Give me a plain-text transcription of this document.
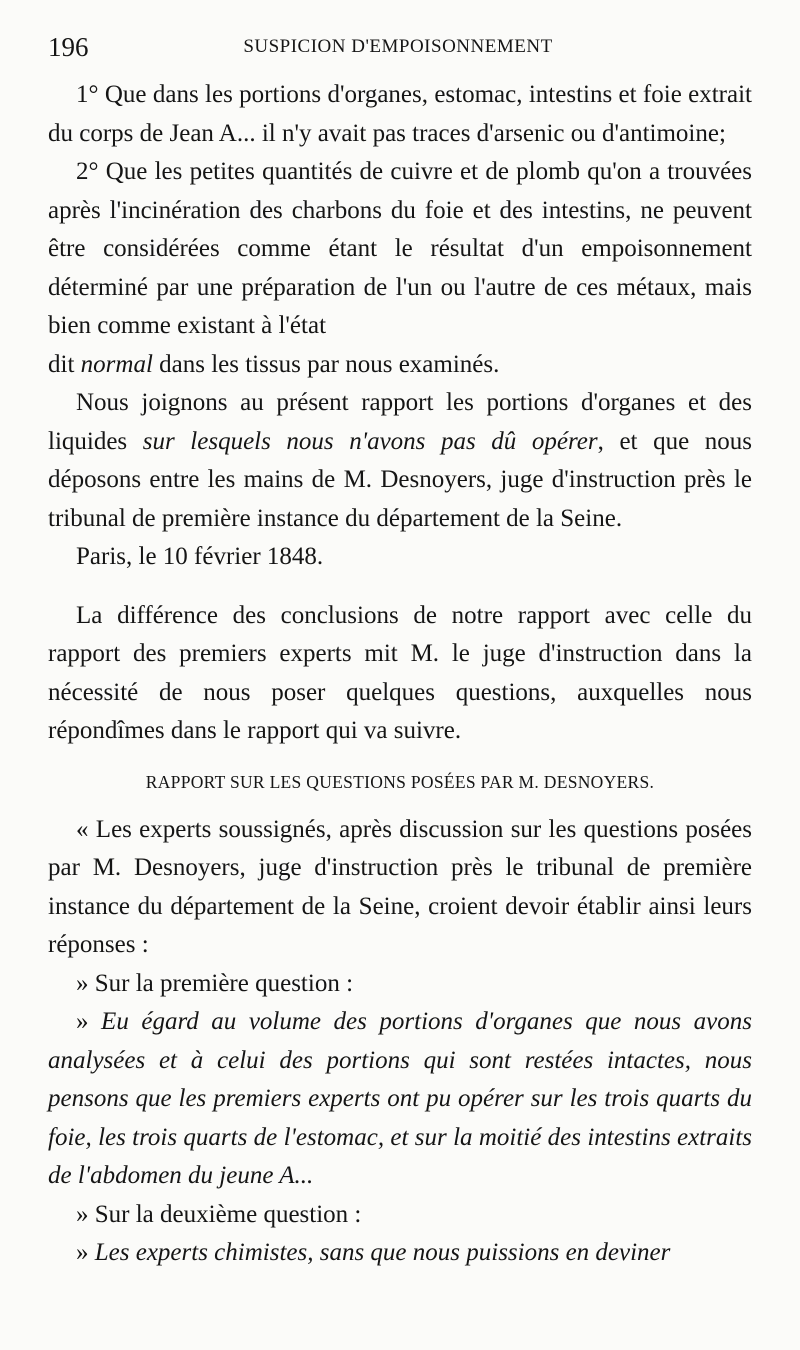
196	SUSPICION D'EMPOISONNEMENT

1° Que dans les portions d'organes, estomac, intestins et foie extrait du corps de Jean A... il n'y avait pas traces d'arsenic ou d'antimoine;

2° Que les petites quantités de cuivre et de plomb qu'on a trouvées après l'incinération des charbons du foie et des intestins, ne peuvent être considérées comme étant le résultat d'un empoisonnement déterminé par une préparation de l'un ou l'autre de ces métaux, mais bien comme existant à l'état

dit normal dans les tissus par nous examinés.

Nous joignons au présent rapport les portions d'organes et des liquides sur lesquels nous n'avons pas dû opérer, et que nous déposons entre les mains de M. Desnoyers, juge d'instruction près le tribunal de première instance du département de la Seine.

Paris, le 10 février 1848.

La différence des conclusions de notre rapport avec celle du rapport des premiers experts mit M. le juge d'instruction dans la nécessité de nous poser quelques questions, auxquelles nous répondîmes dans le rapport qui va suivre.

RAPPORT SUR LES QUESTIONS POSÉES PAR M. DESNOYERS.

« Les experts soussignés, après discussion sur les questions posées par M. Desnoyers, juge d'instruction près le tribunal de première instance du département de la Seine, croient devoir établir ainsi leurs réponses :

» Sur la première question :

» Eu égard au volume des portions d'organes que nous avons analysées et à celui des portions qui sont restées intactes, nous pensons que les premiers experts ont pu opérer sur les trois quarts du foie, les trois quarts de l'estomac, et sur la moitié des intestins extraits de l'abdomen du jeune A...

» Sur la deuxième question :

» Les experts chimistes, sans que nous puissions en deviner
